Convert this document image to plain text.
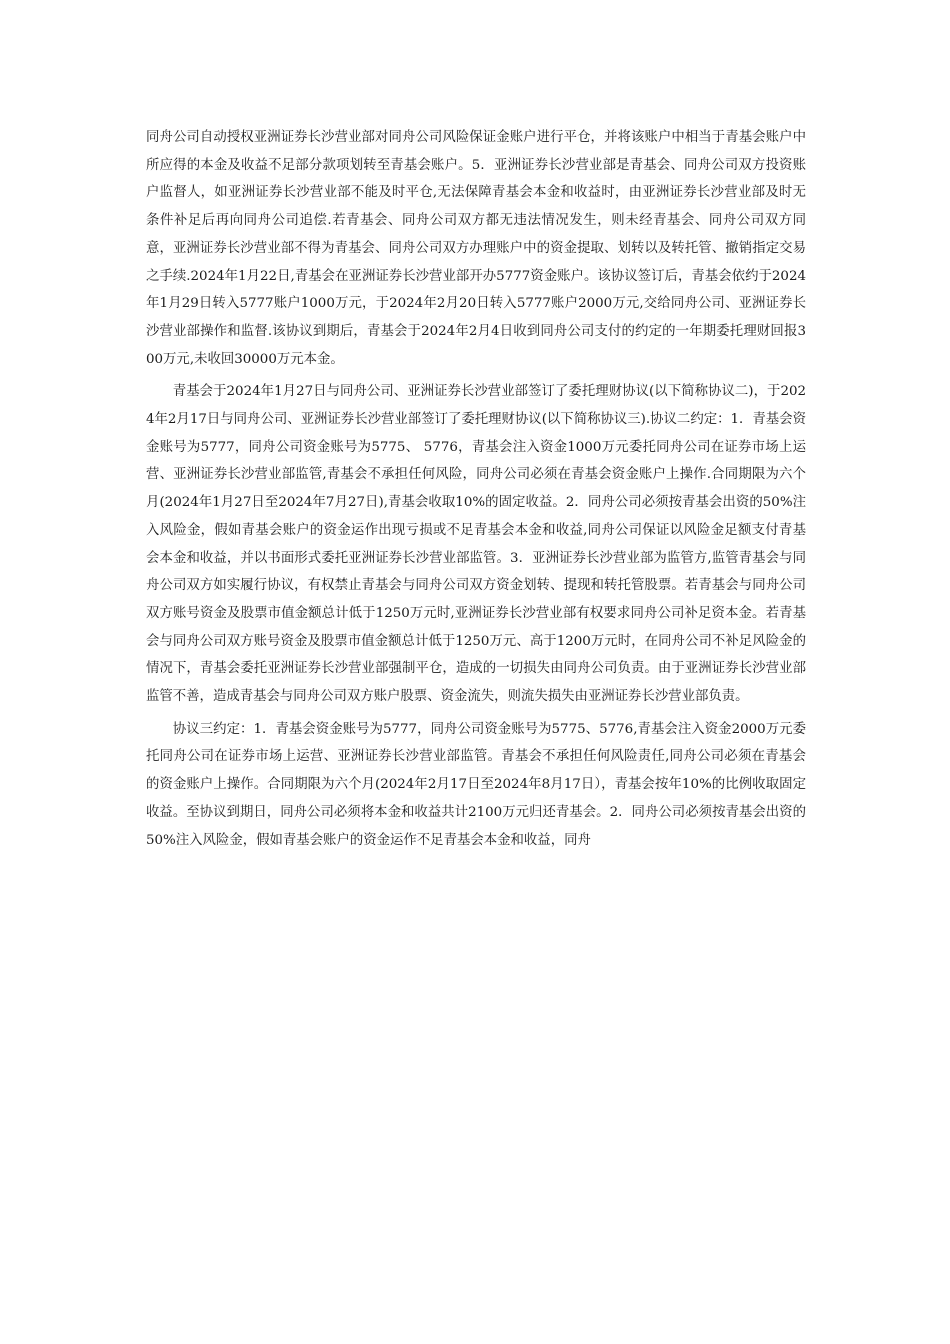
同舟公司自动授权亚洲证券长沙营业部对同舟公司风险保证金账户进行平仓，并将该账户中相当于青基会账户中所应得的本金及收益不足部分款项划转至青基会账户。5．亚洲证券长沙营业部是青基会、同舟公司双方投资账户监督人，如亚洲证券长沙营业部不能及时平仓,无法保障青基会本金和收益时，由亚洲证券长沙营业部及时无条件补足后再向同舟公司追偿.若青基会、同舟公司双方都无违法情况发生，则未经青基会、同舟公司双方同意，亚洲证券长沙营业部不得为青基会、同舟公司双方办理账户中的资金提取、划转以及转托管、撤销指定交易之手续.2024年1月22日,青基会在亚洲证券长沙营业部开办5777资金账户。该协议签订后，青基会依约于2024年1月29日转入5777账户1000万元，于2024年2月20日转入5777账户2000万元,交给同舟公司、亚洲证券长沙营业部操作和监督.该协议到期后，青基会于2024年2月4日收到同舟公司支付的约定的一年期委托理财回报300万元,未收回30000万元本金。

青基会于2024年1月27日与同舟公司、亚洲证券长沙营业部签订了委托理财协议(以下简称协议二)，于2024年2月17日与同舟公司、亚洲证券长沙营业部签订了委托理财协议(以下简称协议三).协议二约定：1．青基会资金账号为5777，同舟公司资金账号为5775、 5776，青基会注入资金1000万元委托同舟公司在证券市场上运营、亚洲证券长沙营业部监管,青基会不承担任何风险，同舟公司必须在青基会资金账户上操作.合同期限为六个月(2024年1月27日至2024年7月27日),青基会收取10%的固定收益。2．同舟公司必须按青基会出资的50%注入风险金，假如青基会账户的资金运作出现亏损或不足青基会本金和收益,同舟公司保证以风险金足额支付青基会本金和收益，并以书面形式委托亚洲证券长沙营业部监管。3．亚洲证券长沙营业部为监管方,监管青基会与同舟公司双方如实履行协议，有权禁止青基会与同舟公司双方资金划转、提现和转托管股票。若青基会与同舟公司双方账号资金及股票市值金额总计低于1250万元时,亚洲证券长沙营业部有权要求同舟公司补足资本金。若青基会与同舟公司双方账号资金及股票市值金额总计低于1250万元、高于1200万元时，在同舟公司不补足风险金的情况下，青基会委托亚洲证券长沙营业部强制平仓，造成的一切损失由同舟公司负责。由于亚洲证券长沙营业部监管不善，造成青基会与同舟公司双方账户股票、资金流失，则流失损失由亚洲证券长沙营业部负责。

协议三约定：1．青基会资金账号为5777，同舟公司资金账号为5775、5776,青基会注入资金2000万元委托同舟公司在证券市场上运营、亚洲证券长沙营业部监管。青基会不承担任何风险责任,同舟公司必须在青基会的资金账户上操作。合同期限为六个月(2024年2月17日至2024年8月17日），青基会按年10%的比例收取固定收益。至协议到期日，同舟公司必须将本金和收益共计2100万元归还青基会。2．同舟公司必须按青基会出资的50%注入风险金，假如青基会账户的资金运作不足青基会本金和收益，同舟
